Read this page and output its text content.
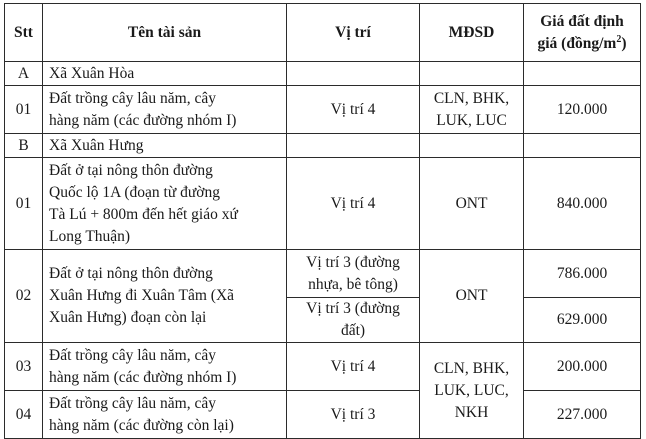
Stt	Tên tài sản	Vị trí	MĐSD	Giá đất định
giá $(đồng/m^2)$
A	Xã Xuân Hòa			
01	Đất trồng cây lâu năm, cây
hàng năm (các đường nhóm I)	Vị trí 4	CLN, BHK,
LUK, LUC	120.000
B	Xã Xuân Hưng			
01	Đất ở tại nông thôn đường
Quốc lộ 1A (đoạn từ đường
Tà Lú + 800m đến hết giáo xứ
Long Thuận)	Vị trí 4	ONT	840.000
02	Đất ở tại nông thôn đường
Xuân Hưng đi Xuân Tâm (Xã
Xuân Hưng) đoạn còn lại	Vị trí 3 (đường
nhựa, bê tông)	ONT	786.000
		Vị trí 3 (đường đất)		629.000
03	Đất trồng cây lâu năm, cây
hàng năm (các đường nhóm I)	Vị trí 4	CLN, BHK,
LUK, LUC,
NKH	200.000
04	Đất trồng cây lâu năm, cây
hàng năm (các đường còn lại)	Vị trí 3		227.000
